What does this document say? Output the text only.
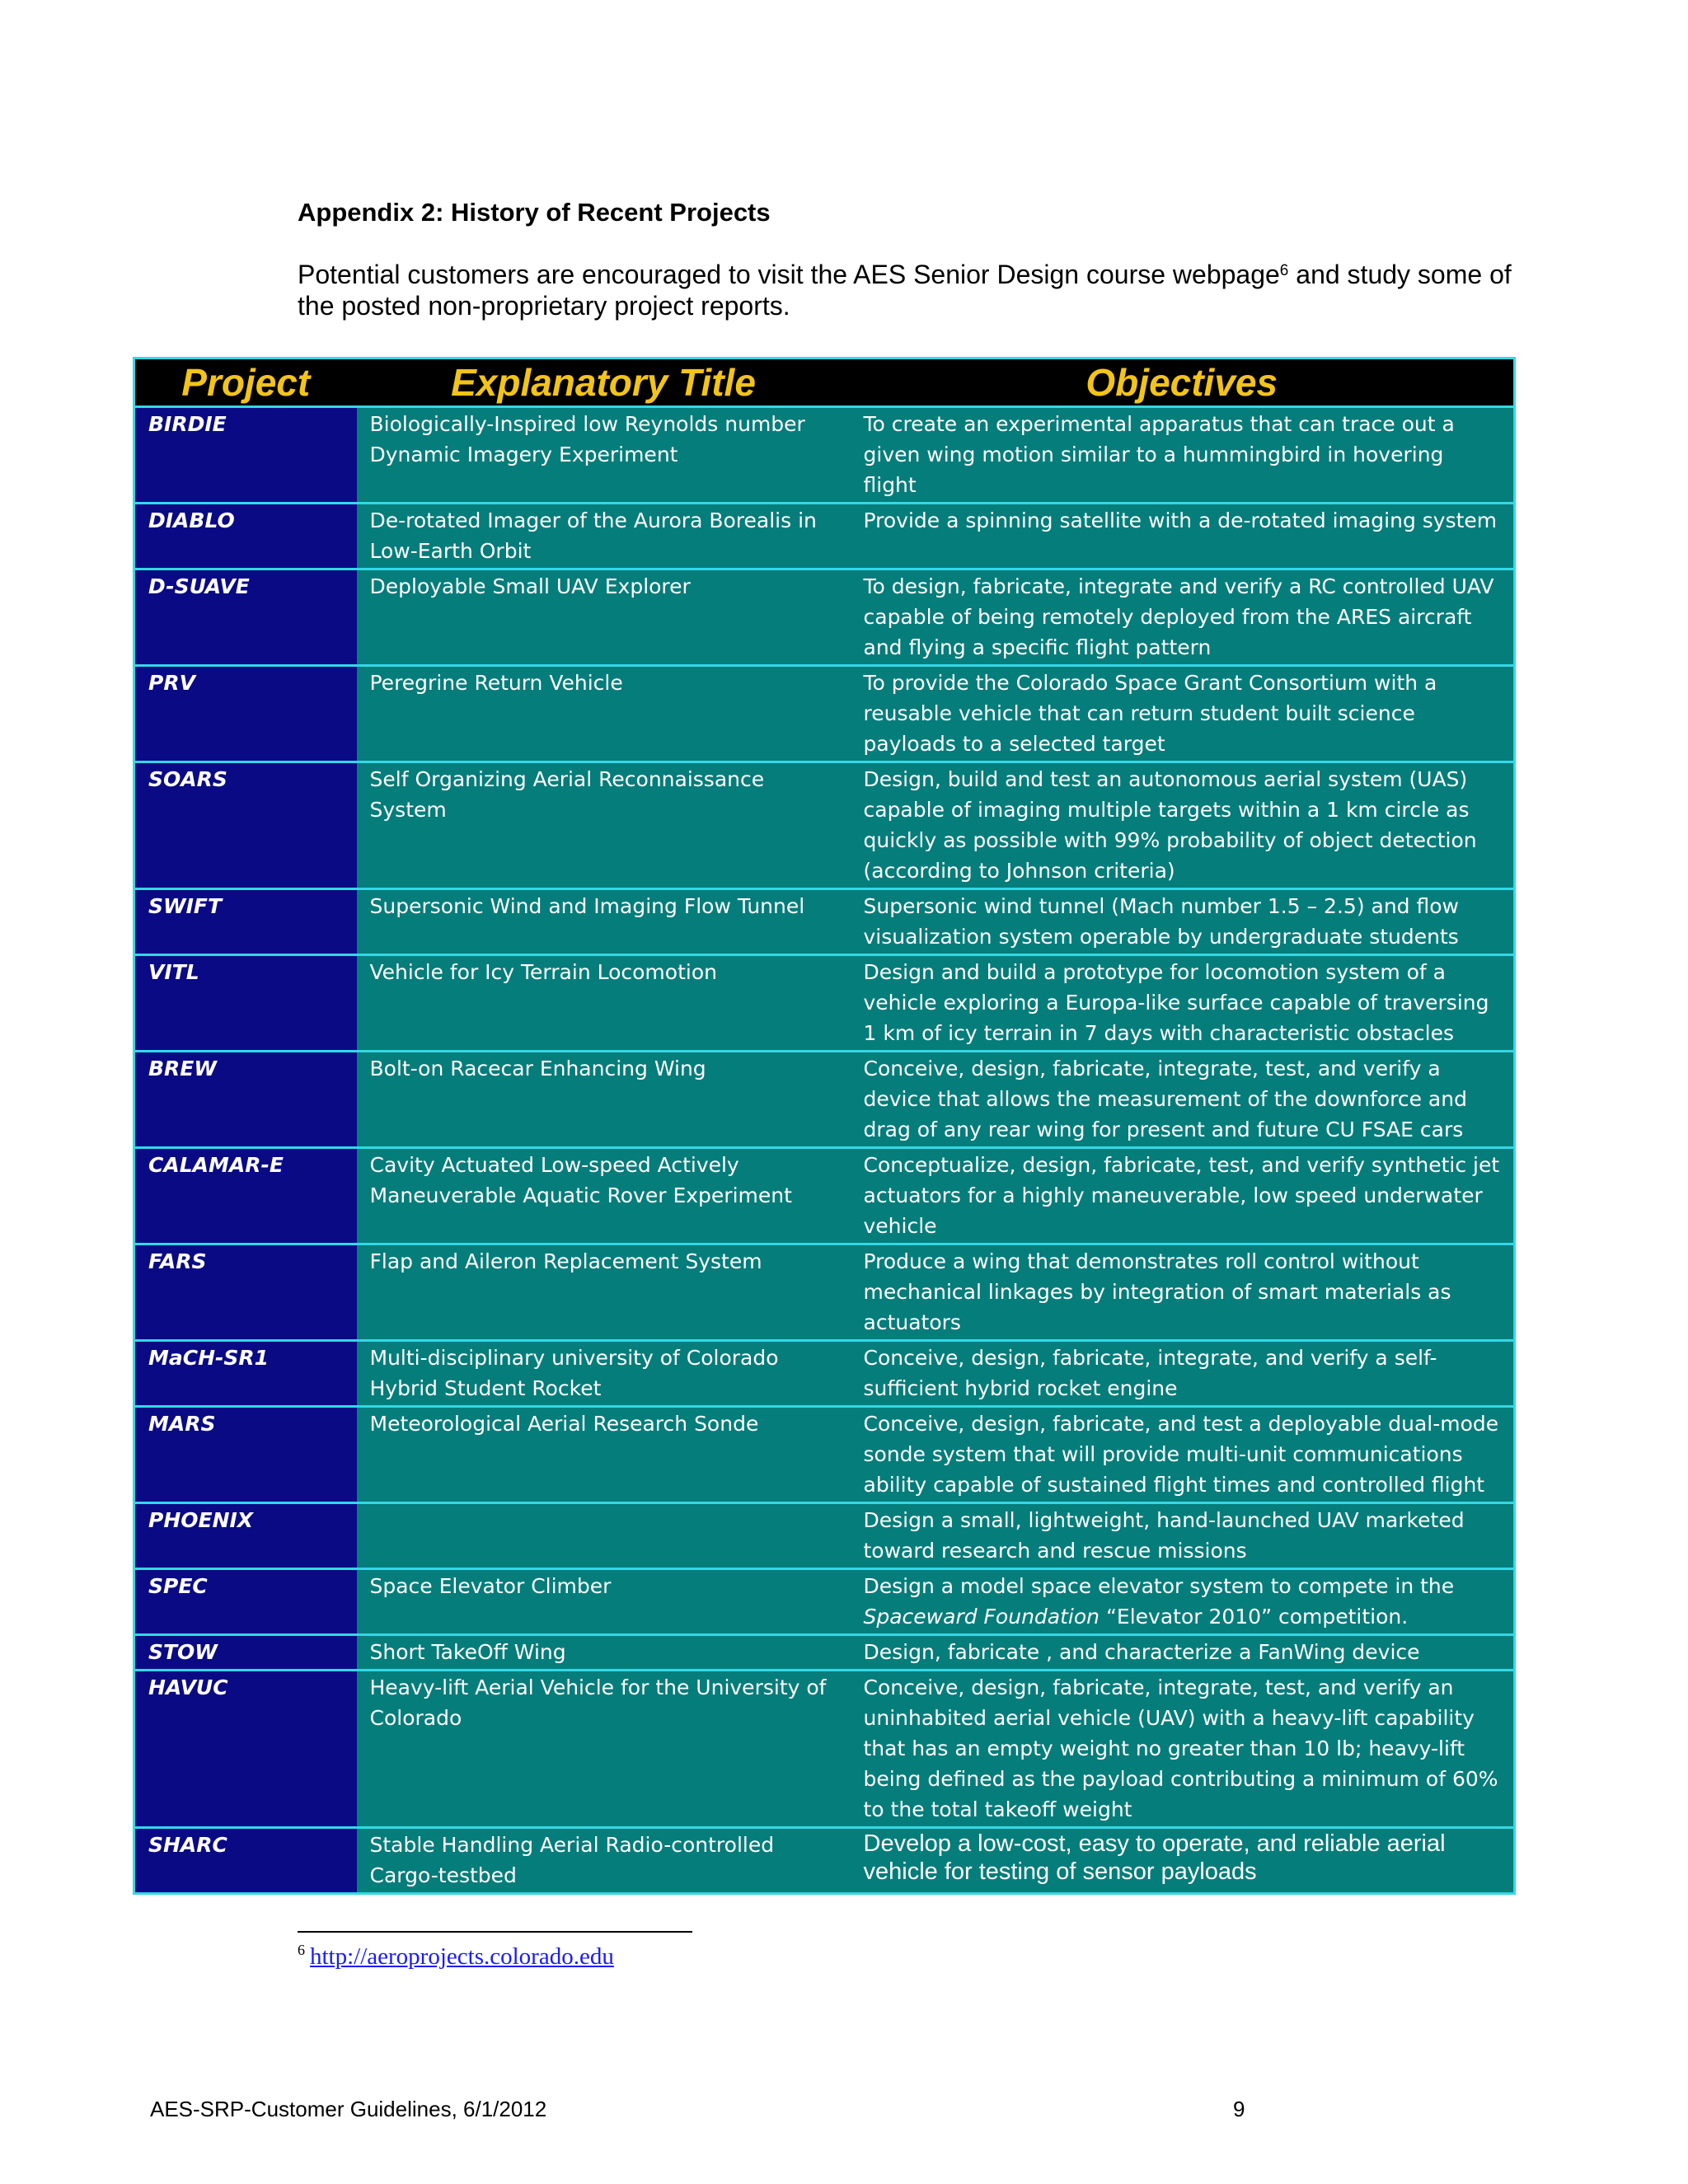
Appendix 2: History of Recent Projects
Potential customers are encouraged to visit the AES Senior Design course webpage$^6$ and study some of the posted non-proprietary project reports.
Project	Explanatory Title	Objectives
BIRDIE	Biologically-Inspired low Reynolds number Dynamic Imagery Experiment	To create an experimental apparatus that can trace out a given wing motion similar to a hummingbird in hovering flight
DIABLO	De-rotated Imager of the Aurora Borealis in Low-Earth Orbit	Provide a spinning satellite with a de-rotated imaging system
D-SUAVE	Deployable Small UAV Explorer	To design, fabricate, integrate and verify a RC controlled UAV capable of being remotely deployed from the ARES aircraft and flying a specific flight pattern
PRV	Peregrine Return Vehicle	To provide the Colorado Space Grant Consortium with a reusable vehicle that can return student built science payloads to a selected target
SOARS	Self Organizing Aerial Reconnaissance System	Design, build and test an autonomous aerial system (UAS) capable of imaging multiple targets within a 1 km circle as quickly as possible with 99% probability of object detection (according to Johnson criteria)
SWIFT	Supersonic Wind and Imaging Flow Tunnel	Supersonic wind tunnel (Mach number 1.5 – 2.5) and flow visualization system operable by undergraduate students
VITL	Vehicle for Icy Terrain Locomotion	Design and build a prototype for locomotion system of a vehicle exploring a Europa-like surface capable of traversing 1 km of icy terrain in 7 days with characteristic obstacles
BREW	Bolt-on Racecar Enhancing Wing	Conceive, design, fabricate, integrate, test, and verify a device that allows the measurement of the downforce and drag of any rear wing for present and future CU FSAE cars
CALAMAR-E	Cavity Actuated Low-speed Actively Maneuverable Aquatic Rover Experiment	Conceptualize, design, fabricate, test, and verify synthetic jet actuators for a highly maneuverable, low speed underwater vehicle
FARS	Flap and Aileron Replacement System	Produce a wing that demonstrates roll control without mechanical linkages by integration of smart materials as actuators
MaCH-SR1	Multi-disciplinary university of Colorado Hybrid Student Rocket	Conceive, design, fabricate, integrate, and verify a self-sufficient hybrid rocket engine
MARS	Meteorological Aerial Research Sonde	Conceive, design, fabricate, and test a deployable dual-mode sonde system that will provide multi-unit communications ability capable of sustained flight times and controlled flight
PHOENIX		Design a small, lightweight, hand-launched UAV marketed toward research and rescue missions
SPEC	Space Elevator Climber	Design a model space elevator system to compete in the Spaceward Foundation “Elevator 2010” competition.
STOW	Short TakeOff Wing	Design, fabricate , and characterize a FanWing device
HAVUC	Heavy-lift Aerial Vehicle for the University of Colorado	Conceive, design, fabricate, integrate, test, and verify an uninhabited aerial vehicle (UAV) with a heavy-lift capability that has an empty weight no greater than 10 lb; heavy-lift being defined as the payload contributing a minimum of 60% to the total takeoff weight
SHARC	Stable Handling Aerial Radio-controlled Cargo-testbed	Develop a low-cost, easy to operate, and reliable aerial vehicle for testing of sensor payloads
$^6$ http://aeroprojects.colorado.edu
AES-SRP-Customer Guidelines, 6/1/2012	9
